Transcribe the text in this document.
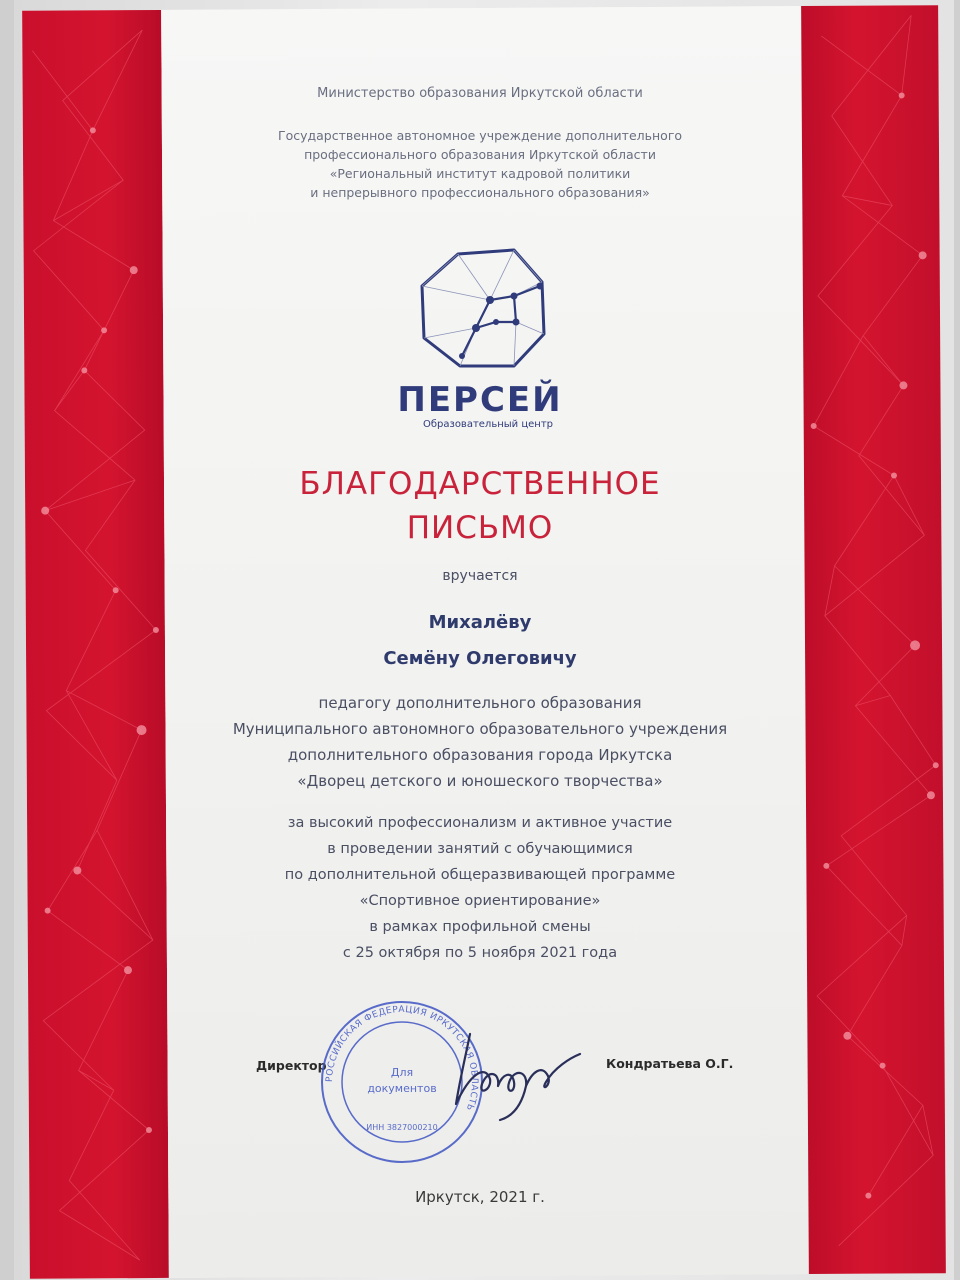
Министерство образования Иркутской области
Государственное автономное учреждение дополнительного
профессионального образования Иркутской области
«Региональный институт кадровой политики
и непрерывного профессионального образования»
ПЕРСЕЙ
Образовательный центр
БЛАГОДАРСТВЕННОЕ
ПИСЬМО
вручается
Михалёву
Семёну Олеговичу
педагогу дополнительного образования
Муниципального автономного образовательного учреждения
дополнительного образования города Иркутска
«Дворец детского и юношеского творчества»
за высокий профессионализм и активное участие
в проведении занятий с обучающимися
по дополнительной общеразвивающей программе
«Спортивное ориентирование»
в рамках профильной смены
с 25 октября по 5 ноября 2021 года
Директор	Кондратьева О.Г.
РОССИЙСКАЯ ФЕДЕРАЦИЯ ИРКУТСКАЯ ОБЛАСТЬ
Для
документов
ИНН 3827000210
Иркутск, 2021 г.
